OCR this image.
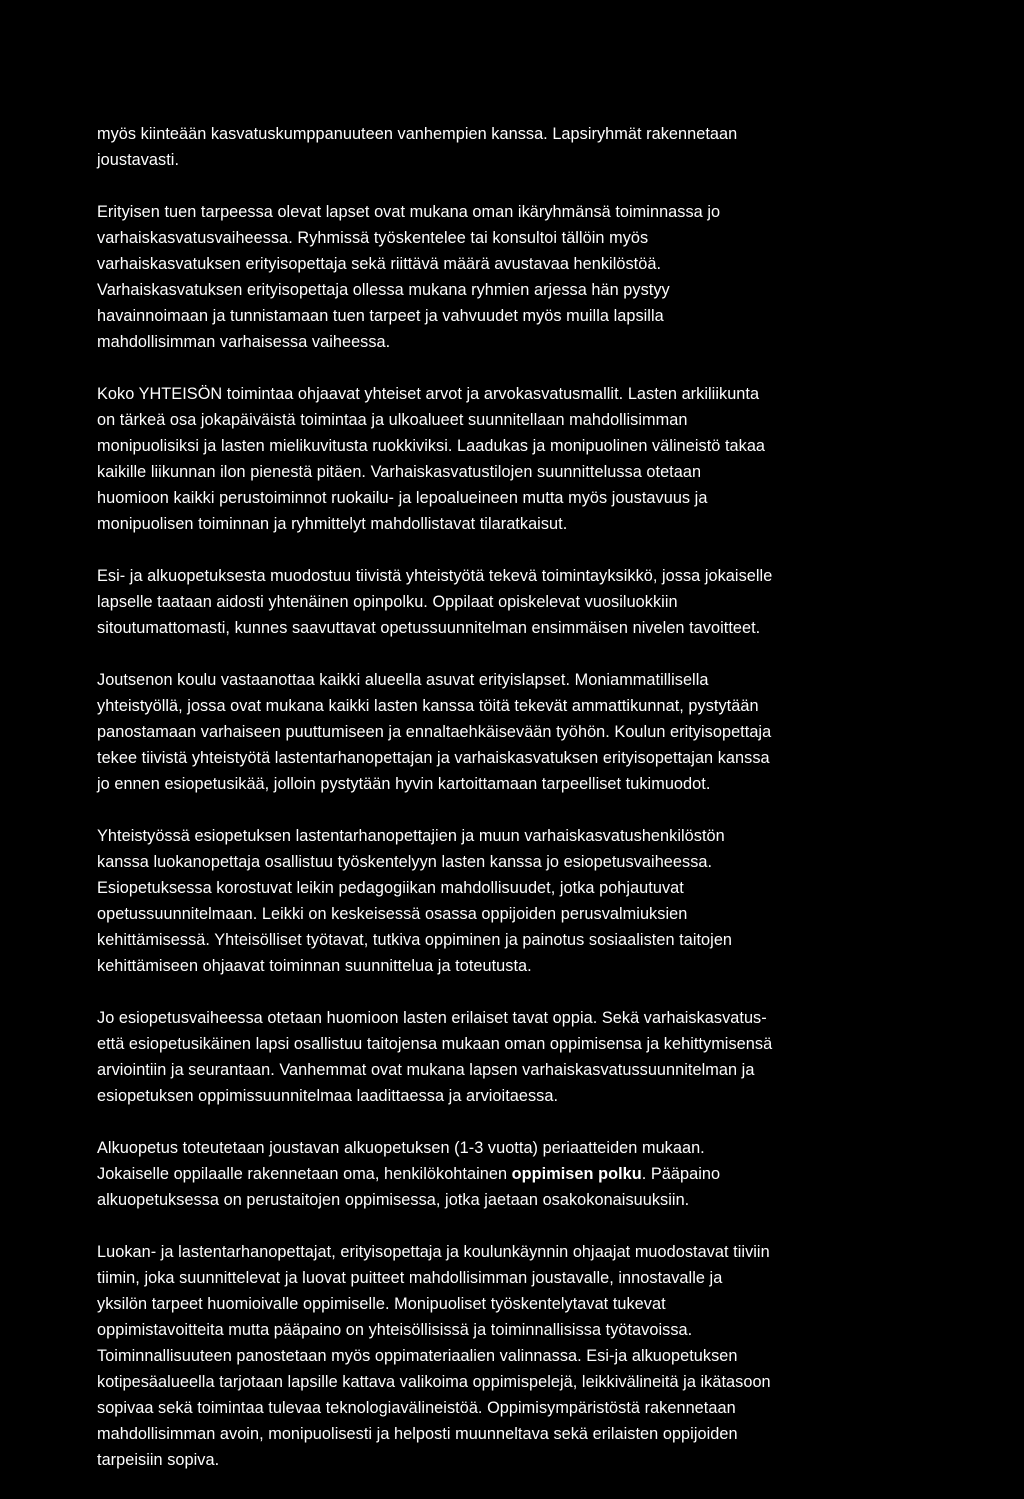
myös kiinteään kasvatuskumppanuuteen vanhempien kanssa. Lapsiryhmät rakennetaan
joustavasti.

Erityisen tuen tarpeessa olevat lapset ovat mukana oman ikäryhmänsä toiminnassa jo
varhaiskasvatusvaiheessa. Ryhmissä työskentelee tai konsultoi tällöin myös
varhaiskasvatuksen erityisopettaja sekä riittävä määrä avustavaa henkilöstöä.
Varhaiskasvatuksen erityisopettaja ollessa mukana ryhmien arjessa hän pystyy
havainnoimaan ja tunnistamaan tuen tarpeet ja vahvuudet myös muilla lapsilla
mahdollisimman varhaisessa vaiheessa.

Koko YHTEISÖN toimintaa ohjaavat yhteiset arvot ja arvokasvatusmallit. Lasten arkiliikunta
on tärkeä osa jokapäiväistä toimintaa ja ulkoalueet suunnitellaan mahdollisimman
monipuolisiksi ja lasten mielikuvitusta ruokkiviksi. Laadukas ja monipuolinen välineistö takaa
kaikille liikunnan ilon pienestä pitäen. Varhaiskasvatustilojen suunnittelussa otetaan
huomioon kaikki perustoiminnot ruokailu- ja lepoalueineen mutta myös joustavuus ja
monipuolisen toiminnan ja ryhmittelyt mahdollistavat tilaratkaisut.

Esi- ja alkuopetuksesta muodostuu tiivistä yhteistyötä tekevä toimintayksikkö, jossa jokaiselle
lapselle taataan aidosti yhtenäinen opinpolku. Oppilaat opiskelevat vuosiluokkiin
sitoutumattomasti, kunnes saavuttavat opetussuunnitelman ensimmäisen nivelen tavoitteet.

Joutsenon koulu vastaanottaa kaikki alueella asuvat erityislapset. Moniammatillisella
yhteistyöllä, jossa ovat mukana kaikki lasten kanssa töitä tekevät ammattikunnat, pystytään
panostamaan varhaiseen puuttumiseen ja ennaltaehkäisevään työhön. Koulun erityisopettaja
tekee tiivistä yhteistyötä lastentarhanopettajan ja varhaiskasvatuksen erityisopettajan kanssa
jo ennen esiopetusikää, jolloin pystytään hyvin kartoittamaan tarpeelliset tukimuodot.

Yhteistyössä esiopetuksen lastentarhanopettajien ja muun varhaiskasvatushenkilöstön
kanssa luokanopettaja osallistuu työskentelyyn lasten kanssa jo esiopetusvaiheessa.
Esiopetuksessa korostuvat leikin pedagogiikan mahdollisuudet, jotka pohjautuvat
opetussuunnitelmaan. Leikki on keskeisessä osassa oppijoiden perusvalmiuksien
kehittämisessä. Yhteisölliset työtavat, tutkiva oppiminen ja painotus sosiaalisten taitojen
kehittämiseen ohjaavat toiminnan suunnittelua ja toteutusta.

Jo esiopetusvaiheessa otetaan huomioon lasten erilaiset tavat oppia. Sekä varhaiskasvatus-
että esiopetusikäinen lapsi osallistuu taitojensa mukaan oman oppimisensa ja kehittymisensä
arviointiin ja seurantaan. Vanhemmat ovat mukana lapsen varhaiskasvatussuunnitelman ja
esiopetuksen oppimissuunnitelmaa laadittaessa ja arvioitaessa.

Alkuopetus toteutetaan joustavan alkuopetuksen (1-3 vuotta) periaatteiden mukaan.
Jokaiselle oppilaalle rakennetaan oma, henkilökohtainen oppimisen polku. Pääpaino
alkuopetuksessa on perustaitojen oppimisessa, jotka jaetaan osakokonaisuuksiin.

Luokan- ja lastentarhanopettajat, erityisopettaja ja koulunkäynnin ohjaajat muodostavat tiiviin
tiimin, joka suunnittelevat ja luovat puitteet mahdollisimman joustavalle, innostavalle ja
yksilön tarpeet huomioivalle oppimiselle. Monipuoliset työskentelytavat tukevat
oppimistavoitteita mutta pääpaino on yhteisöllisissä ja toiminnallisissa työtavoissa.
Toiminnallisuuteen panostetaan myös oppimateriaalien valinnassa. Esi-ja alkuopetuksen
kotipesäalueella tarjotaan lapsille kattava valikoima oppimispelejä, leikkivälineitä ja ikätasoon
sopivaa sekä toimintaa tulevaa teknologiavälineistöä. Oppimisympäristöstä rakennetaan
mahdollisimman avoin, monipuolisesti ja helposti muunneltava sekä erilaisten oppijoiden
tarpeisiin sopiva.
